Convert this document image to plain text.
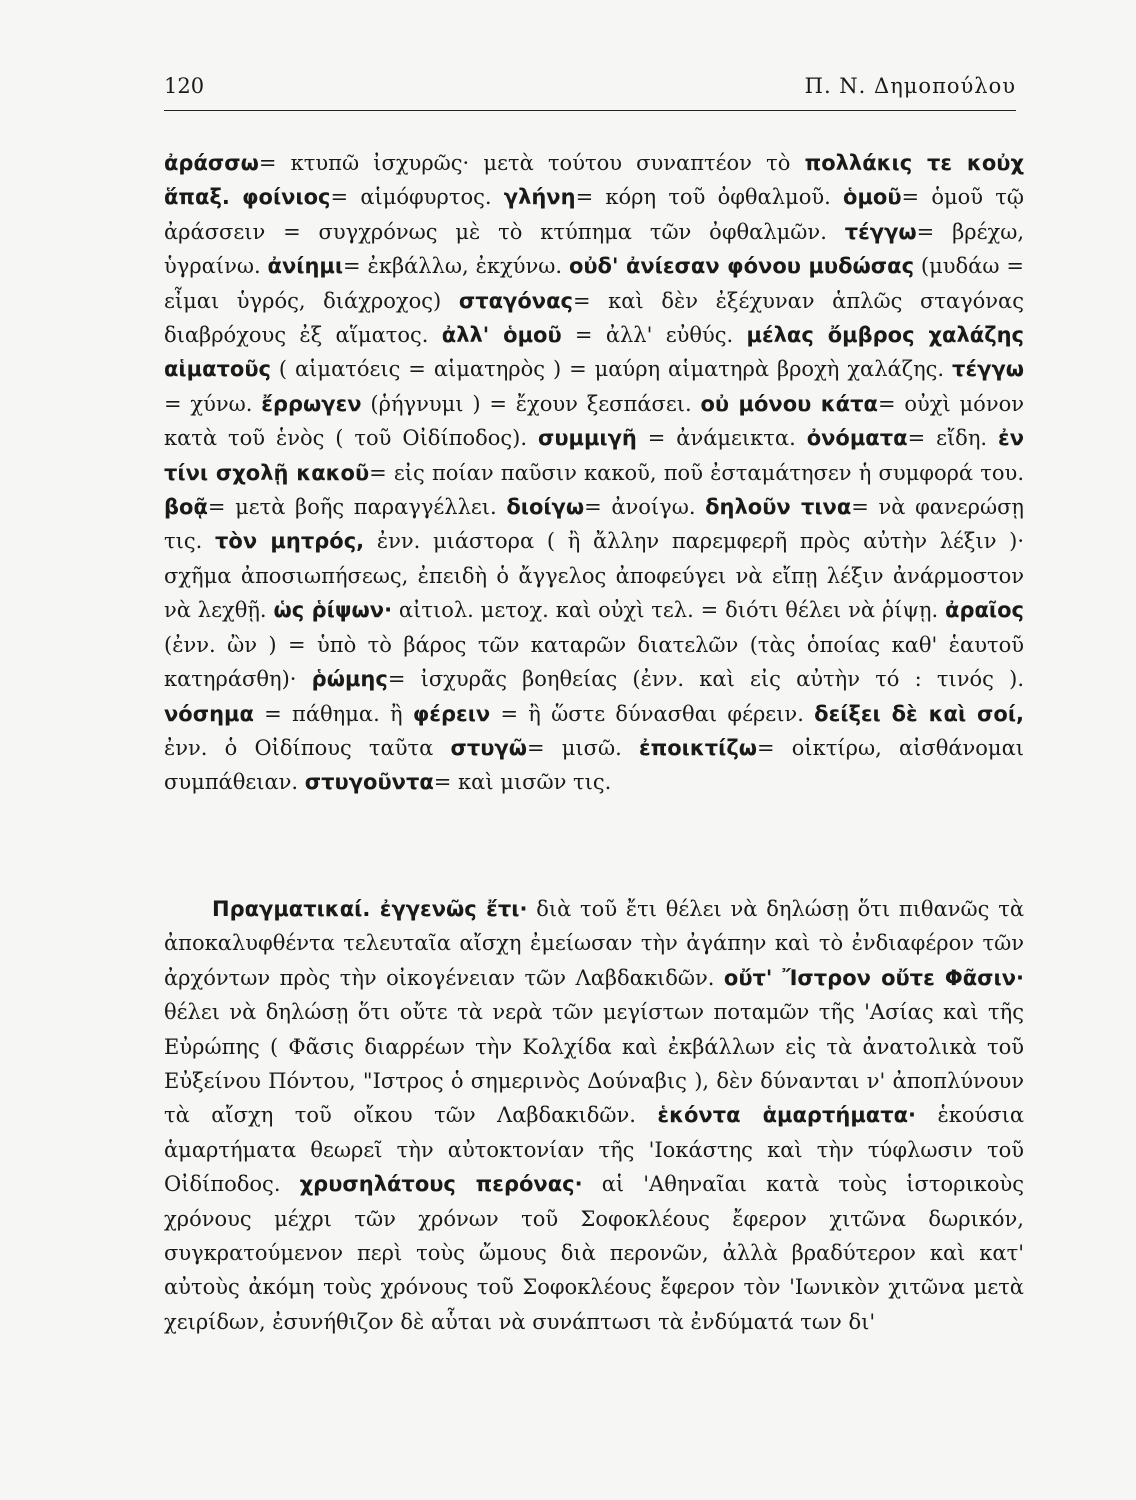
120	Π. Ν. Δημοπούλου

ἀράσσω= κτυπῶ ἰσχυρῶς· μετὰ τούτου συναπτέον τὸ πολλάκις τε κοὐχ ἅπαξ. φοίνιος= αἱμόφυρτος. γλήνη= κόρη τοῦ ὀφθαλμοῦ. ὁμοῦ= ὁμοῦ τῷ ἀράσσειν = συγχρόνως μὲ τὸ κτύπημα τῶν ὀφθαλμῶν. τέγγω= βρέχω, ὑγραίνω. ἀνίημι= ἐκβάλλω, ἐκχύνω. οὐδ' ἀνίεσαν φόνου μυδώσας (μυδάω = εἶμαι ὑγρός, διάχροχος) σταγόνας= καὶ δὲν ἐξέχυναν ἁπλῶς σταγόνας διαβρόχους ἐξ αἵματος. ἀλλ' ὁμοῦ = ἀλλ' εὐθύς. μέλας ὄμβρος χαλάζης αἱματοῦς ( αἱματόεις = αἱματηρὸς ) = μαύρη αἱματηρὰ βροχὴ χαλάζης. τέγγω = χύνω. ἔρρωγεν (ῥήγνυμι ) = ἔχουν ξεσπάσει. οὐ μόνου κάτα= οὐχὶ μόνον κατὰ τοῦ ἑνὸς ( τοῦ Οἰδίποδος). συμμιγῆ = ἀνάμεικτα. ὀνόματα= εἴδη. ἐν τίνι σχολῇ κακοῦ= εἰς ποίαν παῦσιν κακοῦ, ποῦ ἐσταμάτησεν ἡ συμφορά του. βοᾷ= μετὰ βοῆς παραγγέλλει. διοίγω= ἀνοίγω. δηλοῦν τινα= νὰ φανερώσῃ τις. τὸν μητρός, ἐνν. μιάστορα ( ἢ ἄλλην παρεμφερῆ πρὸς αὐτὴν λέξιν )· σχῆμα ἀποσιωπήσεως, ἐπειδὴ ὁ ἄγγελος ἀποφεύγει νὰ εἴπῃ λέξιν ἀνάρμοστον νὰ λεχθῇ. ὡς ῥίψων· αἰτιολ. μετοχ. καὶ οὐχὶ τελ. = διότι θέλει νὰ ῥίψῃ. ἀραῖος (ἐνν. ὢν ) = ὑπὸ τὸ βάρος τῶν καταρῶν διατελῶν (τὰς ὁποίας καθ' ἑαυτοῦ κατηράσθη)· ῥώμης= ἰσχυρᾶς βοηθείας (ἐνν. καὶ εἰς αὐτὴν τό : τινός ). νόσημα = πάθημα. ἢ φέρειν = ἢ ὥστε δύνασθαι φέρειν. δείξει δὲ καὶ σοί, ἐνν. ὁ Οἰδίπους ταῦτα στυγῶ= μισῶ. ἐποικτίζω= οἰκτίρω, αἰσθάνομαι συμπάθειαν. στυγοῦντα= καὶ μισῶν τις.

Πραγματικαί. ἐγγενῶς ἔτι· διὰ τοῦ ἔτι θέλει νὰ δηλώσῃ ὅτι πιθανῶς τὰ ἀποκαλυφθέντα τελευταῖα αἴσχη ἐμείωσαν τὴν ἀγάπην καὶ τὸ ἐνδιαφέρον τῶν ἀρχόντων πρὸς τὴν οἰκογένειαν τῶν Λαβδακιδῶν. οὔτ' Ἴστρον οὔτε Φᾶσιν· θέλει νὰ δηλώσῃ ὅτι οὔτε τὰ νερὰ τῶν μεγίστων ποταμῶν τῆς 'Ασίας καὶ τῆς Εὐρώπης ( Φᾶσις διαρρέων τὴν Κολχίδα καὶ ἐκβάλλων εἰς τὰ ἀνατολικὰ τοῦ Εὐξείνου Πόντου, "Ιστρος ὁ σημερινὸς Δούναβις ), δὲν δύνανται ν' ἀποπλύνουν τὰ αἴσχη τοῦ οἴκου τῶν Λαβδακιδῶν. ἑκόντα ἁμαρτήματα· ἑκούσια ἁμαρτήματα θεωρεῖ τὴν αὐτοκτονίαν τῆς 'Ιοκάστης καὶ τὴν τύφλωσιν τοῦ Οἰδίποδος. χρυσηλάτους περόνας· αἱ 'Αθηναῖαι κατὰ τοὺς ἱστορικοὺς χρόνους μέχρι τῶν χρόνων τοῦ Σοφοκλέους ἔφερον χιτῶνα δωρικόν, συγκρατούμενον περὶ τοὺς ὤμους διὰ περονῶν, ἀλλὰ βραδύτερον καὶ κατ' αὐτοὺς ἀκόμη τοὺς χρόνους τοῦ Σοφοκλέους ἔφερον τὸν 'Ιωνικὸν χιτῶνα μετὰ χειρίδων, ἐσυνήθιζον δὲ αὗται νὰ συνάπτωσι τὰ ἐνδύματά των δι'
